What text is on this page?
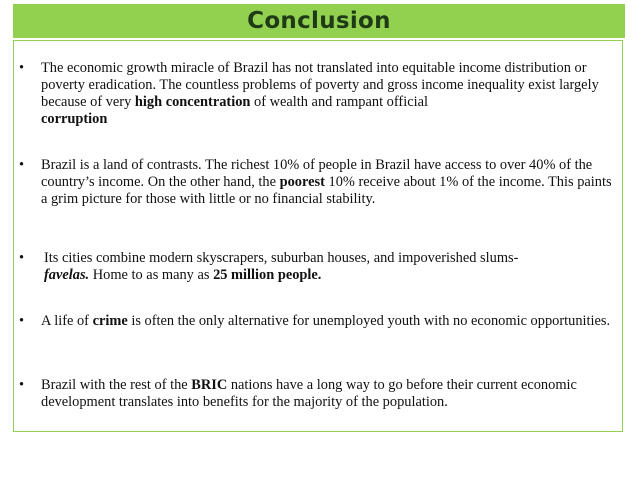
Conclusion
• The economic growth miracle of Brazil has not translated into equitable income distribution or poverty eradication. The countless problems of poverty and gross income inequality exist largely because of very high concentration of wealth and rampant official
corruption
• Brazil is a land of contrasts. The richest 10% of people in Brazil have access to over 40% of the country’s income. On the other hand, the poorest 10% receive about 1% of the income. This paints a grim picture for those with little or no financial stability.
• Its cities combine modern skyscrapers, suburban houses, and impoverished slums-
favelas. Home to as many as 25 million people.
• A life of crime is often the only alternative for unemployed youth with no economic opportunities.
• Brazil with the rest of the BRIC nations have a long way to go before their current economic development translates into benefits for the majority of the population.
